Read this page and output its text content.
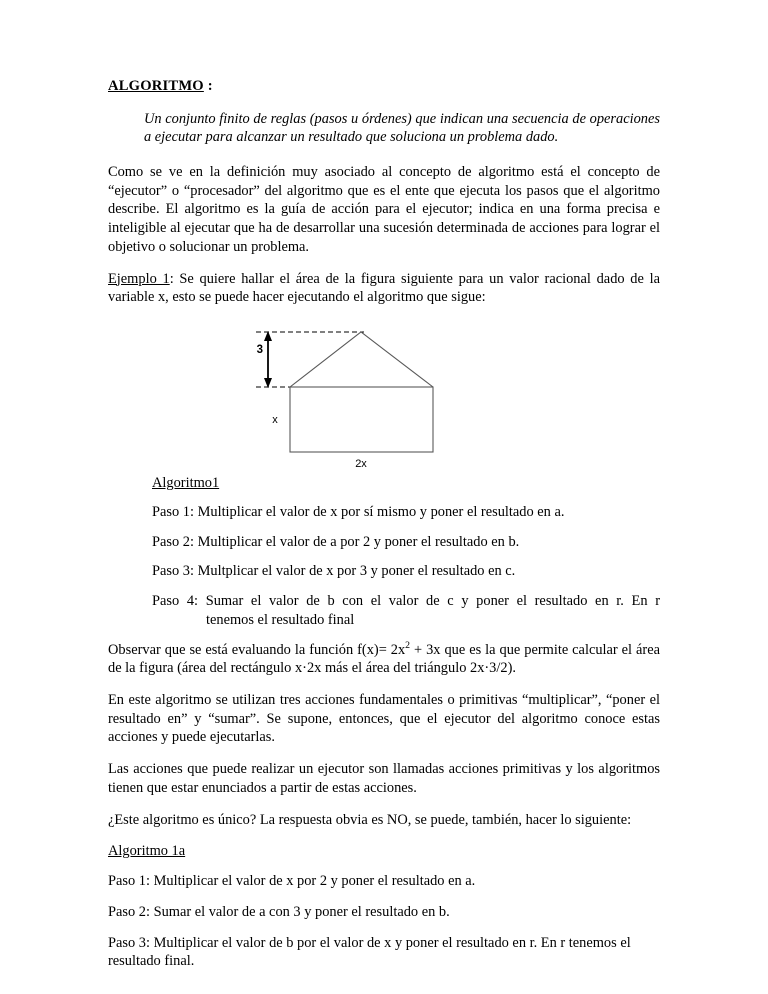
ALGORITMO :

Un conjunto finito de reglas (pasos u órdenes) que indican una secuencia de operaciones a ejecutar para alcanzar un resultado que soluciona un problema dado.

Como se ve en la definición muy asociado al concepto de algoritmo está el concepto de “ejecutor” o “procesador” del algoritmo que es el ente que ejecuta los pasos que el algoritmo describe. El algoritmo es la guía de acción para el ejecutor; indica en una forma precisa e inteligible al ejecutar que ha de desarrollar una sucesión determinada de acciones para lograr el objetivo o solucionar un problema.

Ejemplo 1: Se quiere hallar el área de la figura siguiente para un valor racional dado de la variable x, esto se puede hacer ejecutando el algoritmo que sigue:

3
x
2x

Algoritmo1

Paso 1: Multiplicar el valor de x por sí mismo y poner el resultado en a.

Paso 2: Multiplicar el valor de a por 2 y poner el resultado en b.

Paso 3: Multplicar el valor de x por 3 y poner el resultado en c.

Paso 4: Sumar el valor de b con el valor de c y poner el resultado en r. En r
tenemos el resultado final

Observar que se está evaluando la función $f(x)= 2x^2 + 3x$ que es la que permite calcular el área de la figura (área del rectángulo x·2x más el área del triángulo 2x·3/2).

En este algoritmo se utilizan tres acciones fundamentales o primitivas “multiplicar”, “poner el resultado en” y “sumar”. Se supone, entonces, que el ejecutor del algoritmo conoce estas acciones y puede ejecutarlas.

Las acciones que puede realizar un ejecutor son llamadas acciones primitivas y los algoritmos tienen que estar enunciados a partir de estas acciones.

¿Este algoritmo es único? La respuesta obvia es NO, se puede, también, hacer lo siguiente:

Algoritmo 1a

Paso 1: Multiplicar el valor de x por 2 y poner el resultado en a.

Paso 2: Sumar el valor de a con 3 y poner el resultado en b.

Paso 3: Multiplicar el valor de b por el valor de x y poner el resultado en r. En r tenemos el resultado final.
